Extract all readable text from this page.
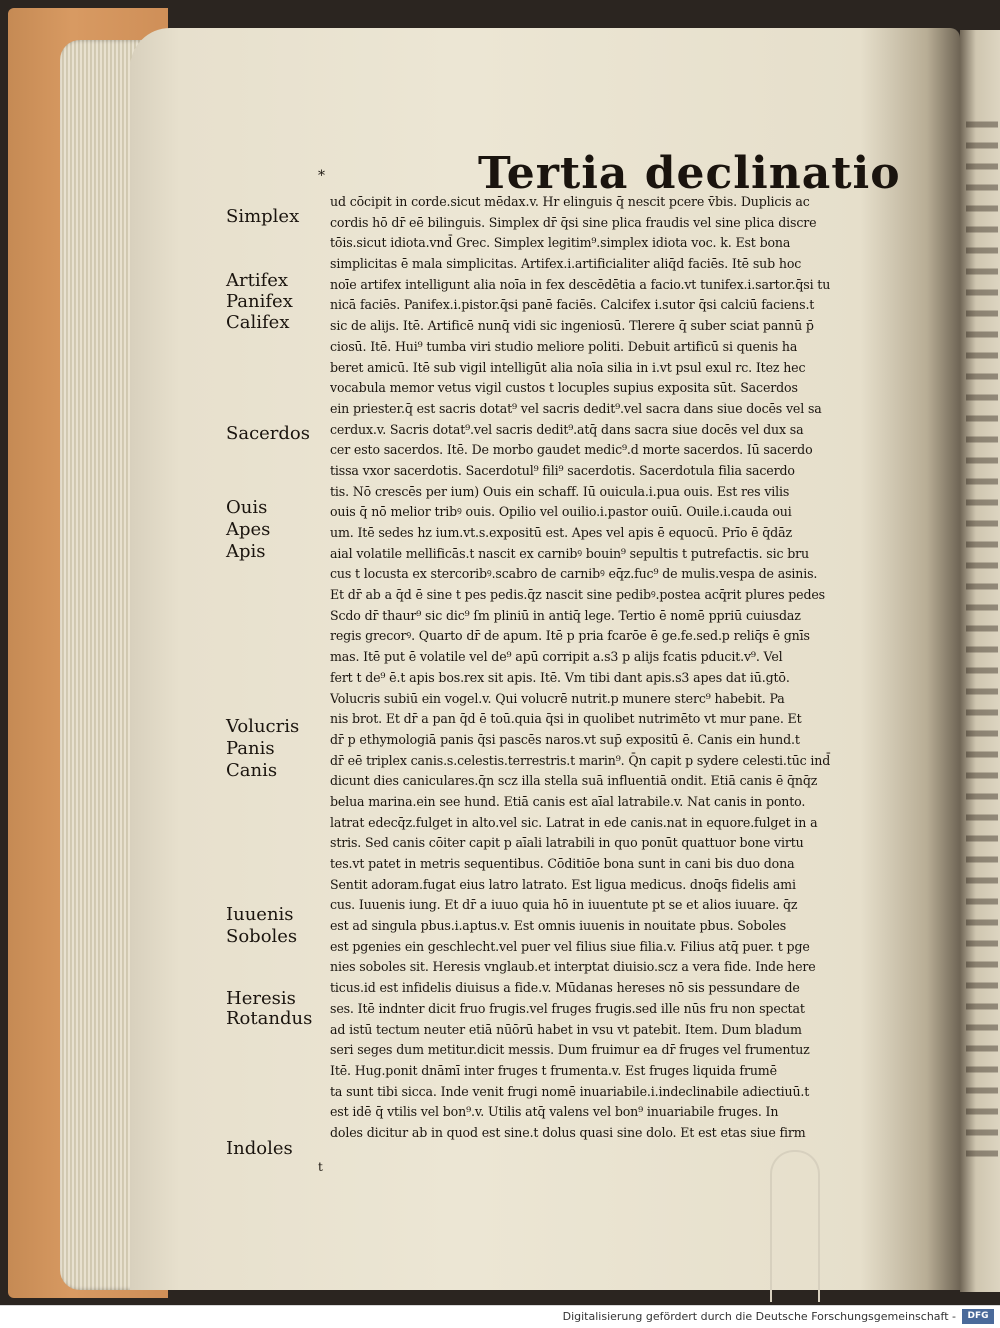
*	Tertia declinatio
Simplex
Artifex
Panifex
Califex
Sacerdos
Ouis
Apes
Apis
Volucris
Panis
Canis
Iuuenis
Soboles
Heresis
Rotandus
Indoles
ud cōcipit in corde.sicut mēdax.v. Hr elinguis q̄ nescit pcere v̄bis. Duplicis ac
cordis hō dr̄ eē bilinguis. Simplex dr̄ q̄si sine plica fraudis vel sine plica discre
tōis.sicut idiota.vnd̄ Grec. Simplex legitim⁹.simplex idiota voc. k. Est bona
simplicitas ē mala simplicitas. Artifex.i.artificialiter aliq̄d faciēs. Itē sub hoc
noīe artifex intelligunt alia noīa in fex descēdētia a facio.vt tunifex.i.sartor.q̄si tu
nicā faciēs. Panifex.i.pistor.q̄si panē faciēs. Calcifex i.sutor q̄si calciū faciens.t
sic de alijs. Itē. Artificē nunq̄ vidi sic ingeniosū. Tlerere q̄ suber sciat pannū p̄
ciosū. Itē. Hui⁹ tumba viri studio meliore politi. Debuit artificū si quenis ha
beret amicū. Itē sub vigil intelligūt alia noīa silia in i.vt psul exul rc. Itez hec
vocabula memor vetus vigil custos t locuples supius exposita sūt. Sacerdos
ein priester.q̄ est sacris dotat⁹ vel sacris dedit⁹.vel sacra dans siue docēs vel sa
cerdux.v. Sacris dotat⁹.vel sacris dedit⁹.atq̄ dans sacra siue docēs vel dux sa
cer esto sacerdos. Itē. De morbo gaudet medic⁹.d morte sacerdos. Iū sacerdo
tissa vxor sacerdotis. Sacerdotul⁹ fili⁹ sacerdotis. Sacerdotula filia sacerdo
tis. Nō crescēs per ium) Ouis ein schaff. Iū ouicula.i.pua ouis. Est res vilis
ouis q̄ nō melior tribꝰ ouis. Opilio vel ouilio.i.pastor ouiū. Ouile.i.cauda oui
um. Itē sedes hz ium.vt.s.expositū est. Apes vel apis ē equocū. Prīo ē q̄dāz
aial volatile mellificās.t nascit ex carnibꝰ bouin⁹ sepultis t putrefactis. sic bru
cus t locusta ex stercoribꝰ.scabro de carnibꝰ eq̄z.fuc⁹ de mulis.vespa de asinis.
Et dr̄ ab a q̄d ē sine t pes pedis.q̄z nascit sine pedibꝰ.postea acq̄rit plures pedes
Scdo dr̄ thaur⁹ sic dic⁹ ſm pliniū in antiq̄ lege. Tertio ē nomē ppriū cuiusdaz
regis grecorꝰ. Quarto dr̄ de apum. Itē p pria fcarōe ē ge.fe.sed.p reliq̄s ē gnīs
mas. Itē put ē volatile vel de⁹ apū corripit a.s3 p alijs fcatis pducit.v⁹. Vel
fert t de⁹ ē.t apis bos.rex sit apis. Itē. Vm tibi dant apis.s3 apes dat iū.gtō.
Volucris subiū ein vogel.v. Qui volucrē nutrit.p munere sterc⁹ habebit. Pa
nis brot. Et dr̄ a pan q̄d ē toū.quia q̄si in quolibet nutrimēto vt mur pane. Et
dr̄ p ethymologiā panis q̄si pascēs naros.vt sup̄ expositū ē. Canis ein hund.t
dr̄ eē triplex canis.s.celestis.terrestris.t marin⁹. Q̄n capit p sydere celesti.tūc ind̄
dicunt dies caniculares.q̄n scz illa stella suā influentiā ondit. Etiā canis ē q̄nq̄z
belua marina.ein see hund. Etiā canis est aīal latrabile.v. Nat canis in ponto.
latrat edecq̄z.fulget in alto.vel sic. Latrat in ede canis.nat in equore.fulget in a
stris. Sed canis cōiter capit p aīali latrabili in quo ponūt quattuor bone virtu
tes.vt patet in metris sequentibus. Cōditiōe bona sunt in cani bis duo dona
Sentit adoram.fugat eius latro latrato. Est ligua medicus. dnoq̄s fidelis ami
cus. Iuuenis iung. Et dr̄ a iuuo quia hō in iuuentute pt se et alios iuuare. q̄z
est ad singula pbus.i.aptus.v. Est omnis iuuenis in nouitate pbus. Soboles
est pgenies ein geschlecht.vel puer vel filius siue filia.v. Filius atq̄ puer. t pge
nies soboles sit. Heresis vnglaub.et interptat diuisio.scz a vera fide. Inde here
ticus.id est infidelis diuisus a fide.v. Mūdanas hereses nō sis pessundare de
ses. Itē indnter dicit fruo frugis.vel fruges frugis.sed ille nūs fru non spectat
ad istū tectum neuter etiā nūōrū habet in vsu vt patebit. Item. Dum bladum
seri seges dum metitur.dicit messis. Dum fruimur ea dr̄ fruges vel frumentuz
Itē. Hug.ponit dnāmī inter fruges t frumenta.v. Est fruges liquida frumē
ta sunt tibi sicca. Inde venit frugi nomē inuariabile.i.indeclinabile adiectiuū.t
est idē q̄ vtilis vel bon⁹.v. Utilis atq̄ valens vel bon⁹ inuariabile fruges. In
doles dicitur ab in quod est sine.t dolus quasi sine dolo. Et est etas siue firm
t
Digitalisierung gefördert durch die Deutsche Forschungsgemeinschaft -	DFG
